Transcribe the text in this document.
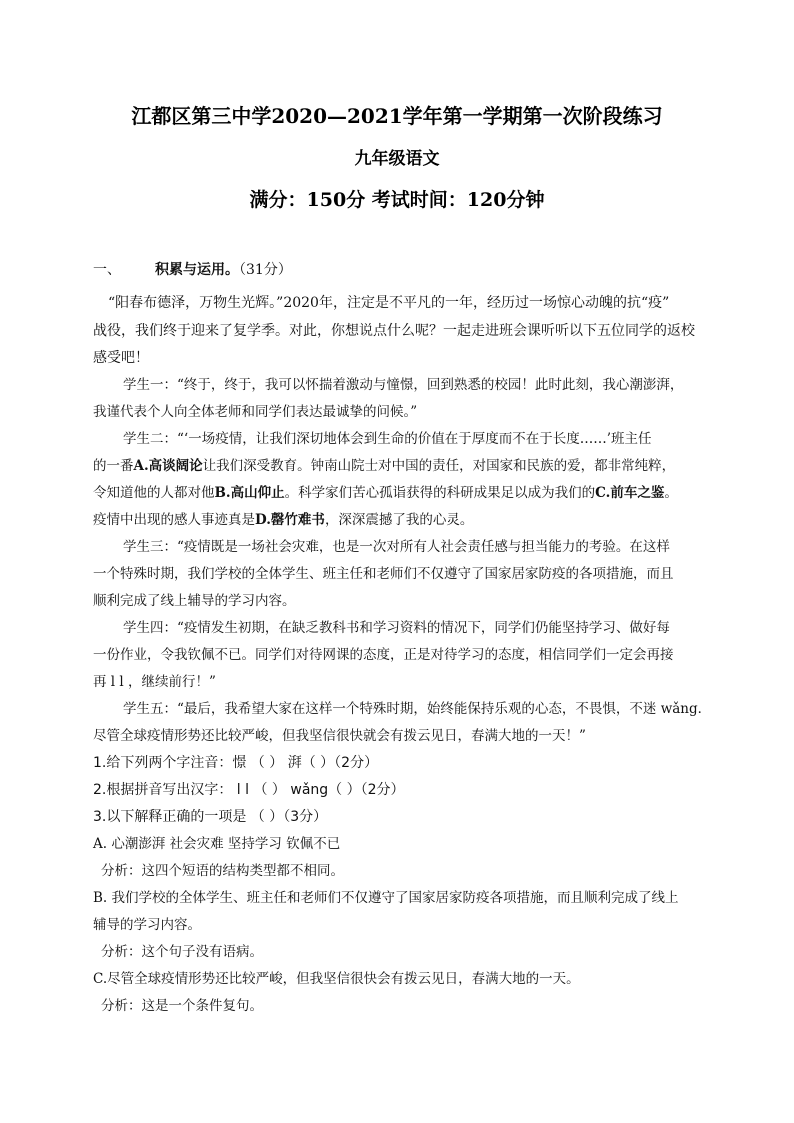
江都区第三中学2020—2021学年第一学期第一次阶段练习
九年级语文
满分：150分 考试时间：120分钟
一、 积累与运用。（31分）
“阳春布德泽，万物生光辉。”2020年，注定是不平凡的一年，经历过一场惊心动魄的抗“疫”
战役，我们终于迎来了复学季。对此，你想说点什么呢？一起走进班会课听听以下五位同学的返校
感受吧！
学生一：“终于，终于，我可以怀揣着激动与憧憬，回到熟悉的校园！此时此刻，我心潮澎湃，
我谨代表个人向全体老师和同学们表达最诚挚的问候。”
学生二：“‘一场疫情，让我们深切地体会到生命的价值在于厚度而不在于长度……’班主任
的一番A.高谈阔论让我们深受教育。钟南山院士对中国的责任，对国家和民族的爱，都非常纯粹，
令知道他的人都对他B.高山仰止。科学家们苦心孤诣获得的科研成果足以成为我们的C.前车之鉴。
疫情中出现的感人事迹真是D.罄竹难书，深深震撼了我的心灵。
学生三：“疫情既是一场社会灾难，也是一次对所有人社会责任感与担当能力的考验。在这样
一个特殊时期，我们学校的全体学生、班主任和老师们不仅遵守了国家居家防疫的各项措施，而且
顺利完成了线上辅导的学习内容。
学生四：“疫情发生初期，在缺乏教科书和学习资料的情况下，同学们仍能坚持学习、做好每
一份作业，令我钦佩不已。同学们对待网课的态度，正是对待学习的态度，相信同学们一定会再接
再 l l ，继续前行！”
学生五：“最后，我希望大家在这样一个特殊时期，始终能保持乐观的心态，不畏惧，不迷 wǎng．
尽管全球疫情形势还比较严峻，但我坚信很快就会有拨云见日，春满大地的一天！”
1.给下列两个字注音：憬 （ ） 湃（ ）（2分）
2.根据拼音写出汉字： l l （ ） wǎng（ ）（2分）
3.以下解释正确的一项是 （ ）（3分）
A. 心潮澎湃 社会灾难 坚持学习 钦佩不已
分析：这四个短语的结构类型都不相同。
B. 我们学校的全体学生、班主任和老师们不仅遵守了国家居家防疫各项措施，而且顺利完成了线上
辅导的学习内容。
分析：这个句子没有语病。
C.尽管全球疫情形势还比较严峻，但我坚信很快会有拨云见日，春满大地的一天。
分析：这是一个条件复句。
